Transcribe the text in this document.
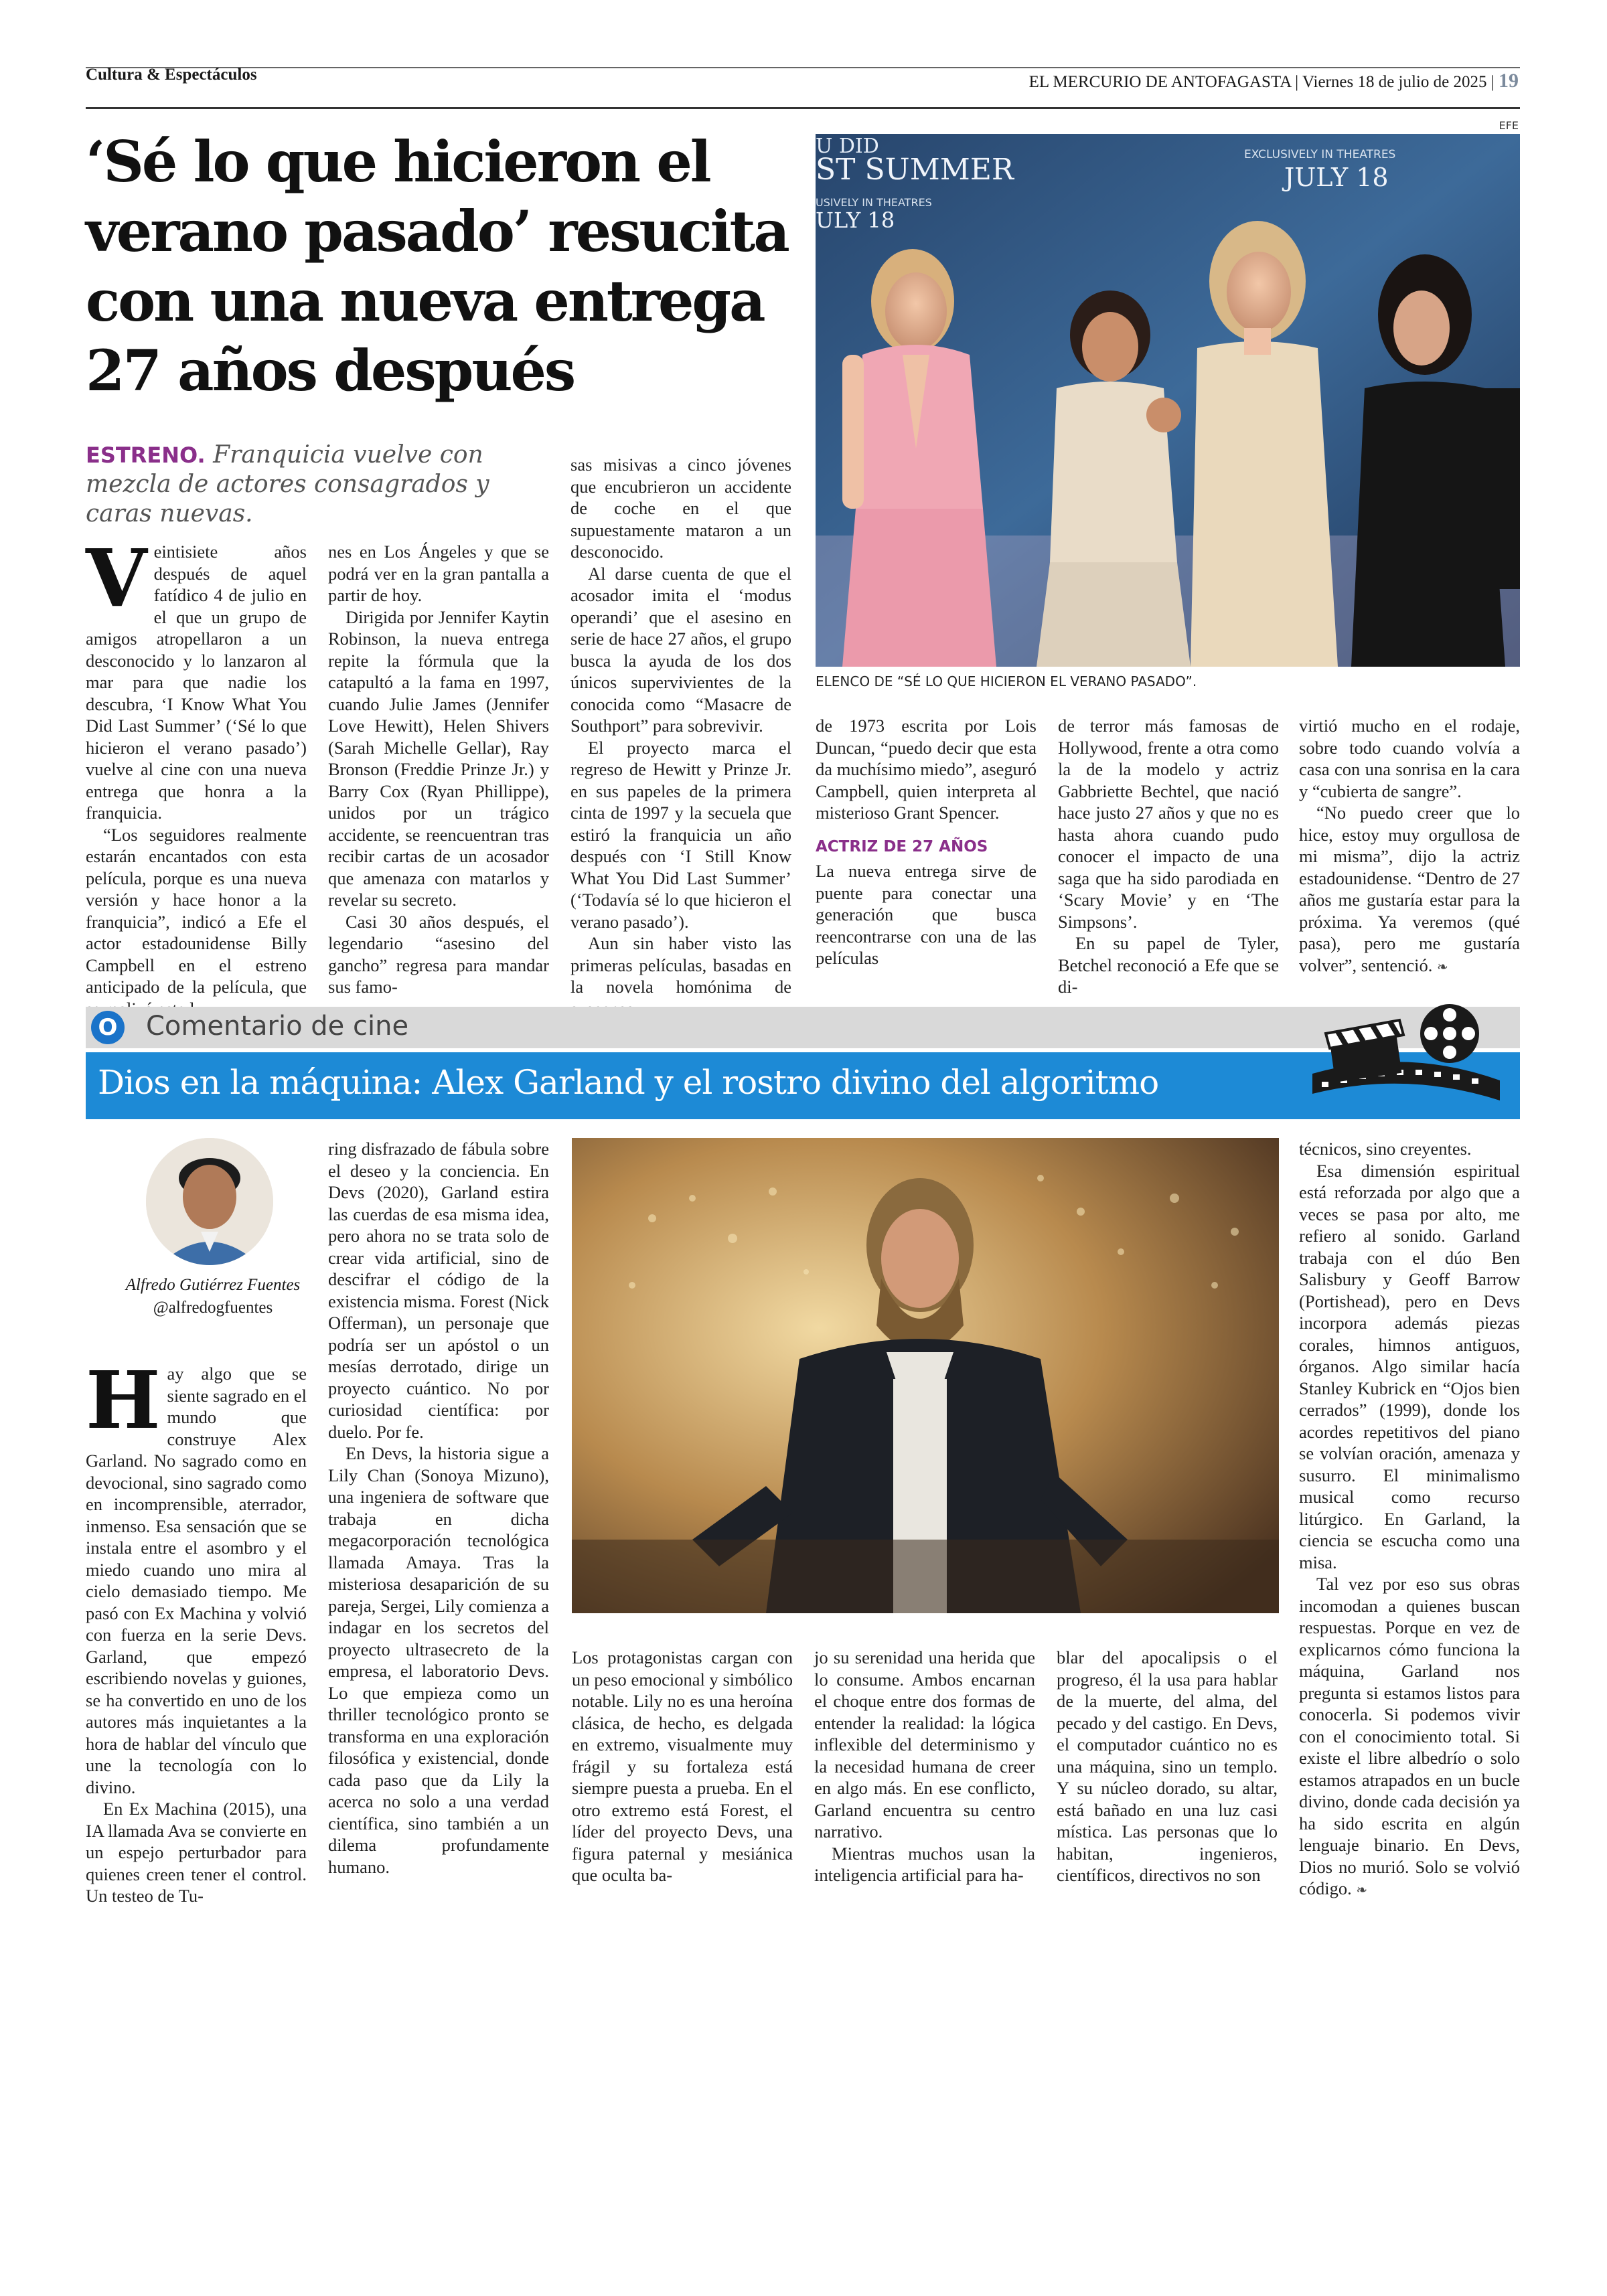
Cultura & Espectáculos	EL MERCURIO DE ANTOFAGASTA | Viernes 18 de julio de 2025 | 19
‘Sé lo que hicieron el verano pasado’ resucita con una nueva entrega 27 años después
ESTRENO. Franquicia vuelve con mezcla de actores consagrados y caras nuevas.
EFE
U DID
ST SUMMER
USIVELY IN THEATRES
ULY 18
EXCLUSIVELY IN THEATRES
JULY 18
ELENCO DE “SÉ LO QUE HICIERON EL VERANO PASADO”.

Veintisiete años después de aquel fatídico 4 de julio en el que un grupo de amigos atropellaron a un desconocido y lo lanzaron al mar para que nadie los descubra, ‘I Know What You Did Last Summer’ (‘Sé lo que hicieron el verano pasado’) vuelve al cine con una nueva entrega que honra a la franquicia.

“Los seguidores realmente estarán encantados con esta película, porque es una nueva versión y hace honor a la franquicia”, indicó a Efe el actor estadounidense Billy Campbell en el estreno anticipado de la película, que

nes en Los Ángeles y que se podrá ver en la gran pantalla a partir de hoy.

Dirigida por Jennifer Kaytin Robinson, la nueva entrega repite la fórmula que la catapultó a la fama en 1997, cuando Julie James (Jennifer Love Hewitt), Helen Shivers (Sarah Michelle Gellar), Ray Bronson (Freddie Prinze Jr.) y Barry Cox (Ryan Phillippe), unidos por un trágico accidente, se reencuentran tras recibir cartas de un acosador que amenaza con matarlos y revelar su secreto.

Casi 30 años después, el legendario “asesino del gancho” regresa para mandar sus famo-

sas misivas a cinco jóvenes que encubrieron un accidente de coche en el que supuestamente mataron a un desconocido.

Al darse cuenta de que el acosador imita el ‘modus operandi’ que el asesino en serie de hace 27 años, el grupo busca la ayuda de los dos únicos supervivientes de la conocida como “Masacre de Southport” para sobrevivir.

El proyecto marca el regreso de Hewitt y Prinze Jr. en sus papeles de la primera cinta de 1997 y la secuela que estiró la franquicia un año después con ‘I Still Know What You Did Last Summer’ (‘Todavía sé lo que hicieron el verano pasado’).

Aun sin haber visto las primeras películas, basadas en la novela homónima de

de 1973 escrita por Lois Duncan, “puedo decir que esta da muchísimo miedo”, aseguró Campbell, quien interpreta al misterioso Grant Spencer.

ACTRIZ DE 27 AÑOS

La nueva entrega sirve de puente para conectar una generación que busca reencontrarse con una de las películas

de terror más famosas de Hollywood, frente a otra como la de la modelo y actriz Gabbriette Bechtel, que nació hace justo 27 años y que no es hasta ahora cuando pudo conocer el impacto de una saga que ha sido parodiada en ‘Scary Movie’ y en ‘The Simpsons’.

En su papel de Tyler, Betchel reconoció a Efe que se di-

virtió mucho en el rodaje, sobre todo cuando volvía a casa con una sonrisa en la cara y “cubierta de sangre”.

“No puedo creer que lo hice, estoy muy orgullosa de mi misma”, dijo la actriz estadounidense. “Dentro de 27 años me gustaría estar para la próxima. Ya veremos (qué pasa), pero me gustaría volver”, sentenció. ❧

O Comentario de cine
Dios en la máquina: Alex Garland y el rostro divino del algoritmo
Alfredo Gutiérrez Fuentes
@alfredogfuentes

Hay algo que se siente sagrado en el mundo que construye Alex Garland. No sagrado como en devocional, sino sagrado como en incomprensible, aterrador, inmenso. Esa sensación que se instala entre el asombro y el miedo cuando uno mira al cielo demasiado tiempo. Me pasó con Ex Machina y volvió con fuerza en la serie Devs. Garland, que empezó escribiendo novelas y guiones, se ha convertido en uno de los autores más inquietantes a la hora de hablar del vínculo que une la tecnología con lo divino.

En Ex Machina (2015), una IA llamada Ava se convierte en un espejo perturbador para quienes creen tener el control. Un testeo de Tu-

ring disfrazado de fábula sobre el deseo y la conciencia. En Devs (2020), Garland estira las cuerdas de esa misma idea, pero ahora no se trata solo de crear vida artificial, sino de descifrar el código de la existencia misma. Forest (Nick Offerman), un personaje que podría ser un apóstol o un mesías derrotado, dirige un proyecto cuántico. No por curiosidad científica: por duelo. Por fe.

En Devs, la historia sigue a Lily Chan (Sonoya Mizuno), una ingeniera de software que trabaja en dicha megacorporación tecnológica llamada Amaya. Tras la misteriosa desaparición de su pareja, Sergei, Lily comienza a indagar en los secretos del proyecto ultrasecreto de la empresa, el laboratorio Devs. Lo que empieza como un thriller tecnológico pronto se transforma en una exploración filosófica y existencial, donde cada paso que da Lily la acerca no solo a una verdad científica, sino también a un dilema profundamente humano.

Los protagonistas cargan con un peso emocional y simbólico notable. Lily no es una heroína clásica, de hecho, es delgada en extremo, visualmente muy frágil y su fortaleza está siempre puesta a prueba. En el otro extremo está Forest, el líder del proyecto Devs, una figura paternal y mesiánica que oculta ba-

jo su serenidad una herida que lo consume. Ambos encarnan el choque entre dos formas de entender la realidad: la lógica inflexible del determinismo y la necesidad humana de creer en algo más. En ese conflicto, Garland encuentra su centro narrativo.

Mientras muchos usan la inteligencia artificial para ha-

blar del apocalipsis o el progreso, él la usa para hablar de la muerte, del alma, del pecado y del castigo. En Devs, el computador cuántico no es una máquina, sino un templo. Y su núcleo dorado, su altar, está bañado en una luz casi mística. Las personas que lo habitan, ingenieros, científicos, directivos no son

técnicos, sino creyentes.

Esa dimensión espiritual está reforzada por algo que a veces se pasa por alto, me refiero al sonido. Garland trabaja con el dúo Ben Salisbury y Geoff Barrow (Portishead), pero en Devs incorpora además piezas corales, himnos antiguos, órganos. Algo similar hacía Stanley Kubrick en “Ojos bien cerrados” (1999), donde los acordes repetitivos del piano se volvían oración, amenaza y susurro. El minimalismo musical como recurso litúrgico. En Garland, la ciencia se escucha como una misa.

Tal vez por eso sus obras incomodan a quienes buscan respuestas. Porque en vez de explicarnos cómo funciona la máquina, Garland nos pregunta si estamos listos para conocerla. Si podemos vivir con el conocimiento total. Si existe el libre albedrío o solo estamos atrapados en un bucle divino, donde cada decisión ya ha sido escrita en algún lenguaje binario. En Devs, Dios no murió. Solo se volvió código. ❧
